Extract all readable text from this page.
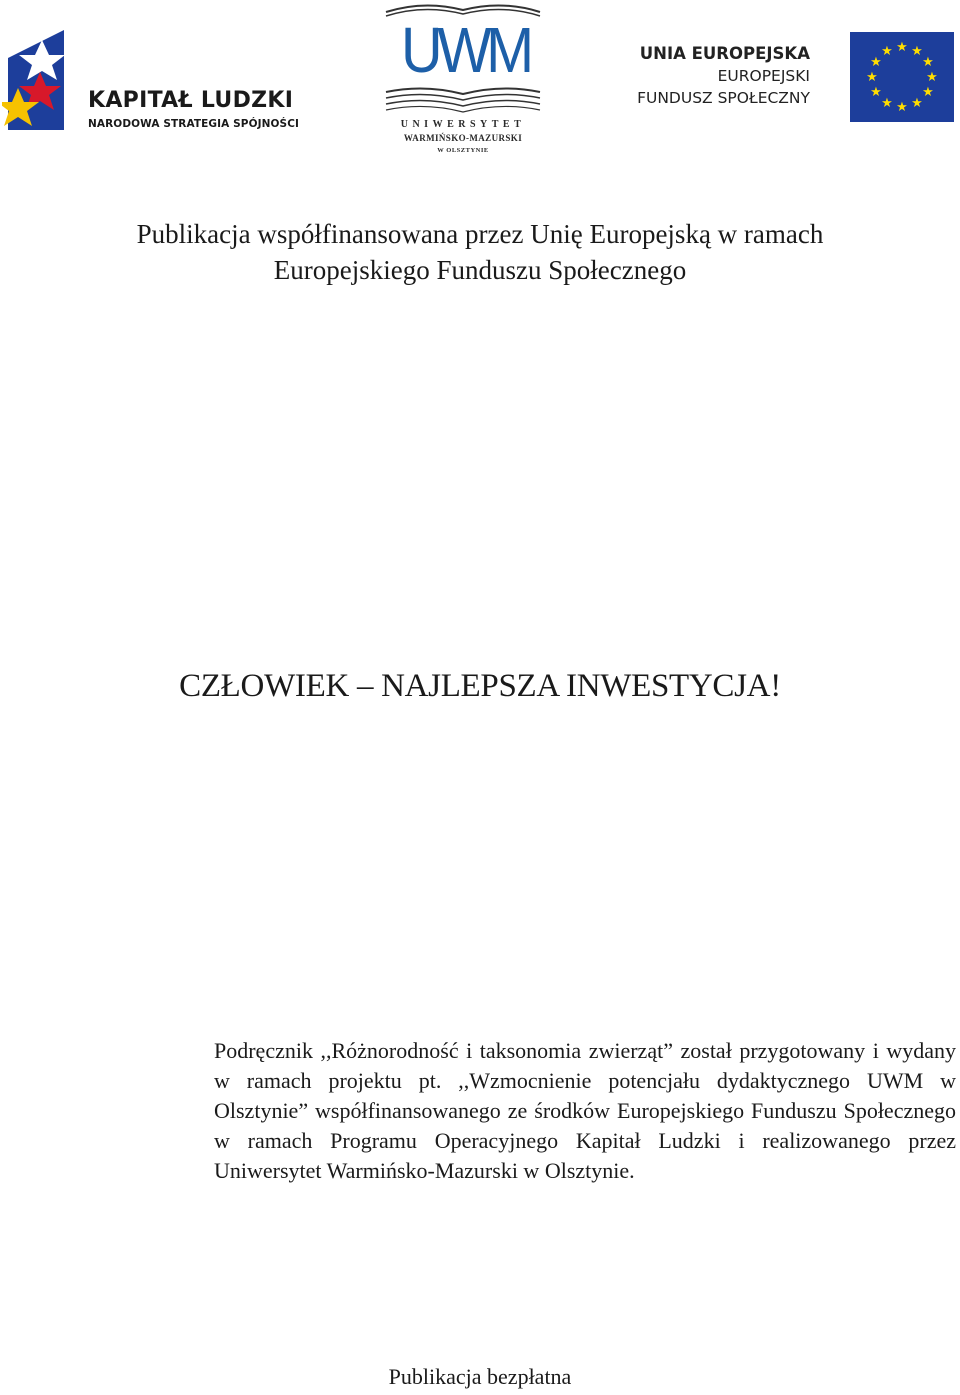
KAPITAŁ LUDZKI
NARODOWA STRATEGIA SPÓJNOŚCI
UWM
UNIWERSYTET
WARMIŃSKO-MAZURSKI
W OLSZTYNIE
UNIA EUROPEJSKA
EUROPEJSKI
FUNDUSZ SPOŁECZNY
★ ★
★
★
★
★
★
★
★
★
★
★
Publikacja współfinansowana przez Unię Europejską w ramach
Europejskiego Funduszu Społecznego
CZŁOWIEK – NAJLEPSZA INWESTYCJA!

Podręcznik ,,Różnorodność i taksonomia zwierząt” został przygotowany i wydany w ramach projektu pt. ,,Wzmocnienie potencjału dydaktycznego UWM w Olsztynie” współfinansowanego ze środków Europejskiego Funduszu Społecznego w ramach Programu Operacyjnego Kapitał Ludzki i realizowanego przez Uniwersytet Warmińsko-Mazurski w Olsztynie.

Publikacja bezpłatna
